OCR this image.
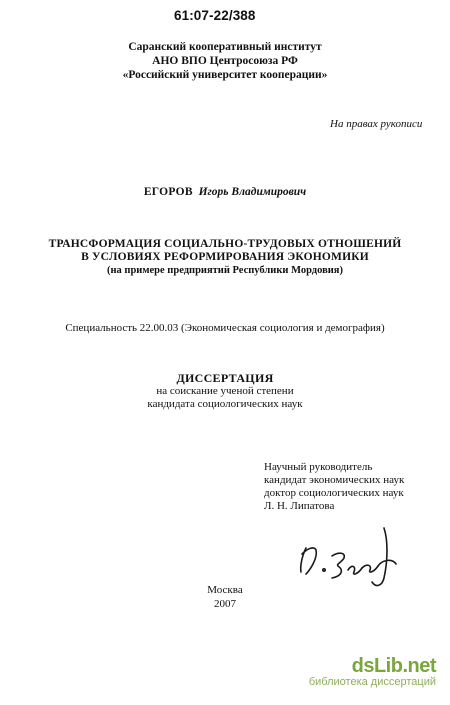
61:07-22/388
Саранский кооперативный институт
АНО ВПО Центросоюза РФ
«Российский университет кооперации»
На правах рукописи
ЕГОРОВ Игорь Владимирович
ТРАНСФОРМАЦИЯ СОЦИАЛЬНО-ТРУДОВЫХ ОТНОШЕНИЙ
В УСЛОВИЯХ РЕФОРМИРОВАНИЯ ЭКОНОМИКИ
(на примере предприятий Республики Мордовия)
Специальность 22.00.03 (Экономическая социология и демография)
ДИССЕРТАЦИЯ
на соискание ученой степени
кандидата социологических наук
Научный руководитель
кандидат экономических наук
доктор социологических наук
Л. Н. Липатова
Москва
2007
dsLib.net
библиотека диссертаций
